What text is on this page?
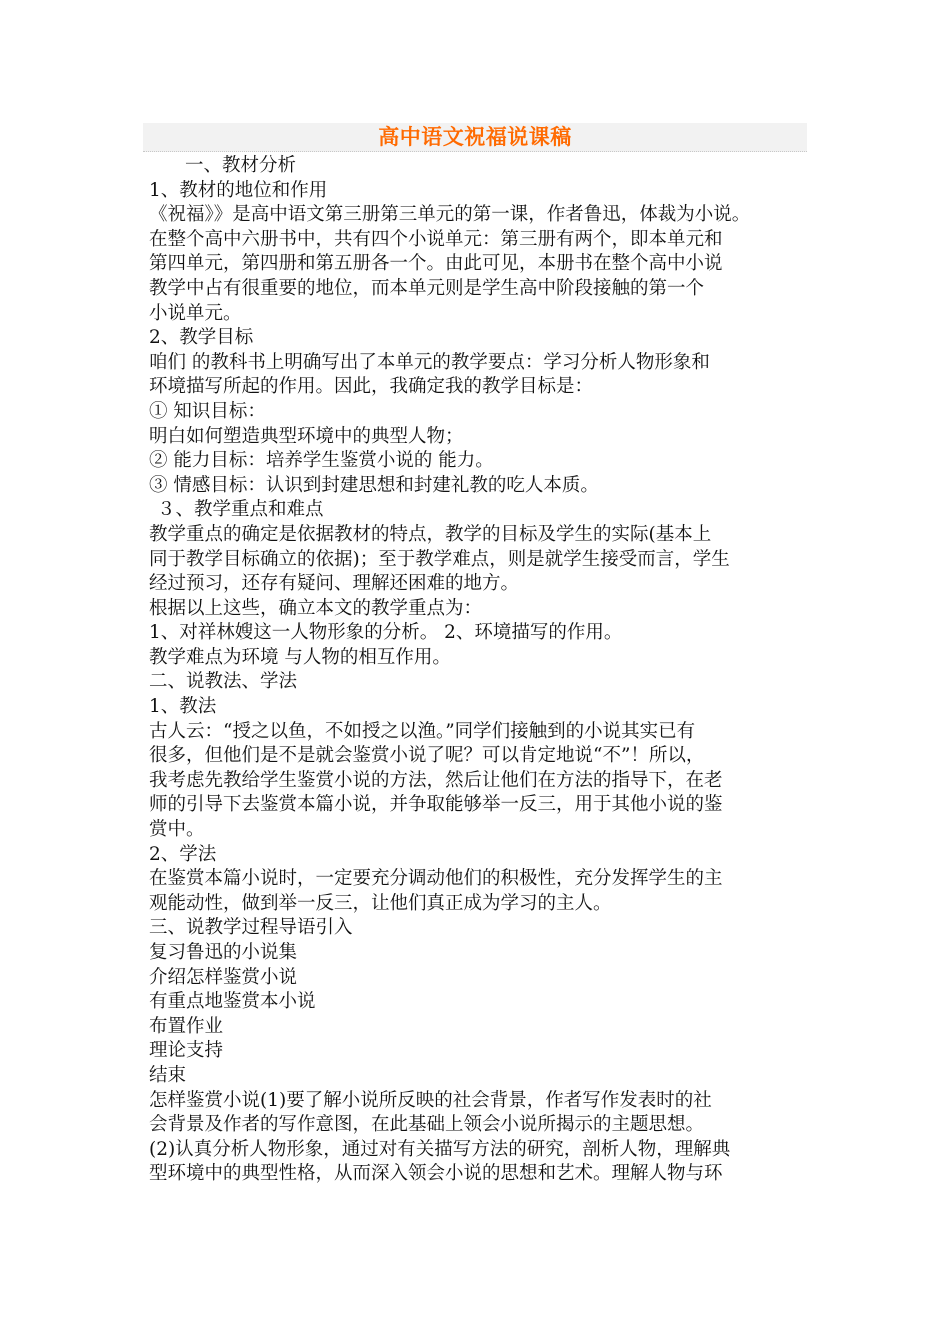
高中语文祝福说课稿
一、教材分析
1、教材的地位和作用
《祝福》》是高中语文第三册第三单元的第一课，作者鲁迅，体裁为小说。
在整个高中六册书中，共有四个小说单元：第三册有两个，即本单元和
第四单元，第四册和第五册各一个。由此可见，本册书在整个高中小说
教学中占有很重要的地位，而本单元则是学生高中阶段接触的第一个
小说单元。
2、教学目标
咱们 的教科书上明确写出了本单元的教学要点：学习分析人物形象和
环境描写所起的作用。因此，我确定我的教学目标是：
① 知识目标：
明白如何塑造典型环境中的典型人物；
② 能力目标：培养学生鉴赏小说的 能力。
③ 情感目标：认识到封建思想和封建礼教的吃人本质。
３、教学重点和难点
教学重点的确定是依据教材的特点，教学的目标及学生的实际(基本上
同于教学目标确立的依据)；至于教学难点，则是就学生接受而言，学生
经过预习，还存有疑问、理解还困难的地方。
根据以上这些，确立本文的教学重点为：
1、对祥林嫂这一人物形象的分析。 2、环境描写的作用。
教学难点为环境 与人物的相互作用。
二、说教法、学法
1、教法
古人云：“授之以鱼，不如授之以渔。”同学们接触到的小说其实已有
很多，但他们是不是就会鉴赏小说了呢？可以肯定地说“不”！所以，
我考虑先教给学生鉴赏小说的方法，然后让他们在方法的指导下，在老
师的引导下去鉴赏本篇小说，并争取能够举一反三，用于其他小说的鉴
赏中。
2、学法
在鉴赏本篇小说时，一定要充分调动他们的积极性，充分发挥学生的主
观能动性，做到举一反三，让他们真正成为学习的主人。
三、说教学过程导语引入
复习鲁迅的小说集
介绍怎样鉴赏小说
有重点地鉴赏本小说
布置作业
理论支持
结束
怎样鉴赏小说(1)要了解小说所反映的社会背景，作者写作发表时的社
会背景及作者的写作意图，在此基础上领会小说所揭示的主题思想。
(2)认真分析人物形象，通过对有关描写方法的研究，剖析人物，理解典
型环境中的典型性格，从而深入领会小说的思想和艺术。理解人物与环
